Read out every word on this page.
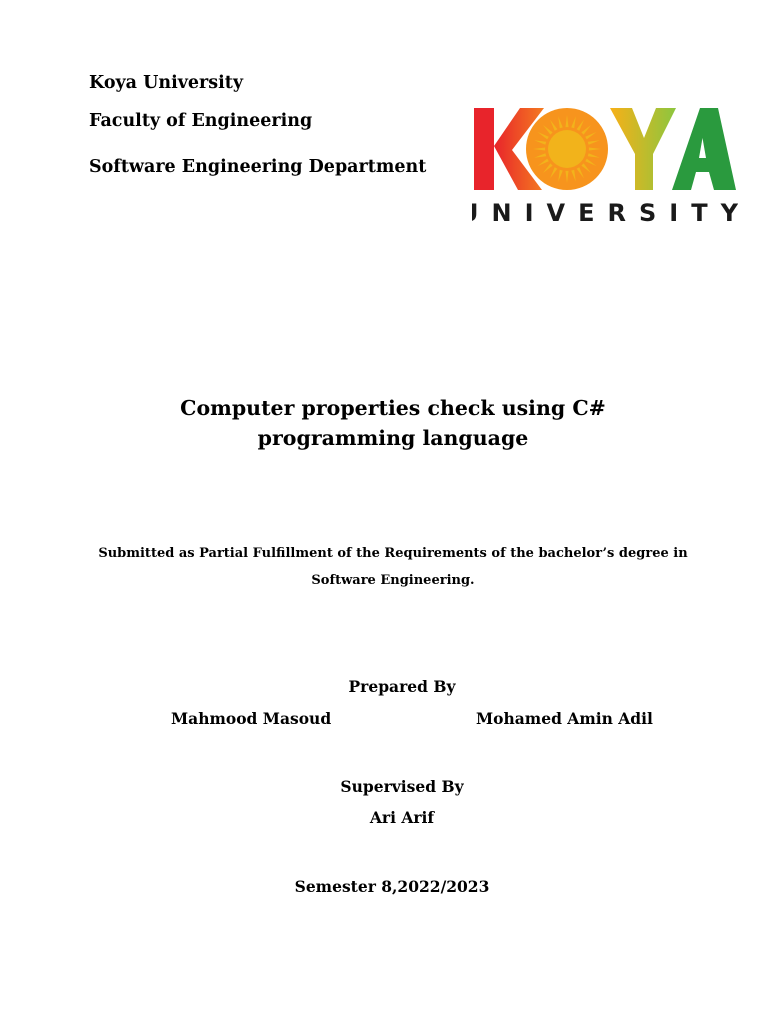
Koya University
Faculty of Engineering
Software Engineering Department
UNIVERSITY
Computer properties check using C# programming language
Submitted as Partial Fulfillment of the Requirements of the bachelor’s degree in Software Engineering.
Prepared By
Mahmood Masoud	Mohamed Amin Adil
Supervised By
Ari Arif
Semester 8,2022/2023
